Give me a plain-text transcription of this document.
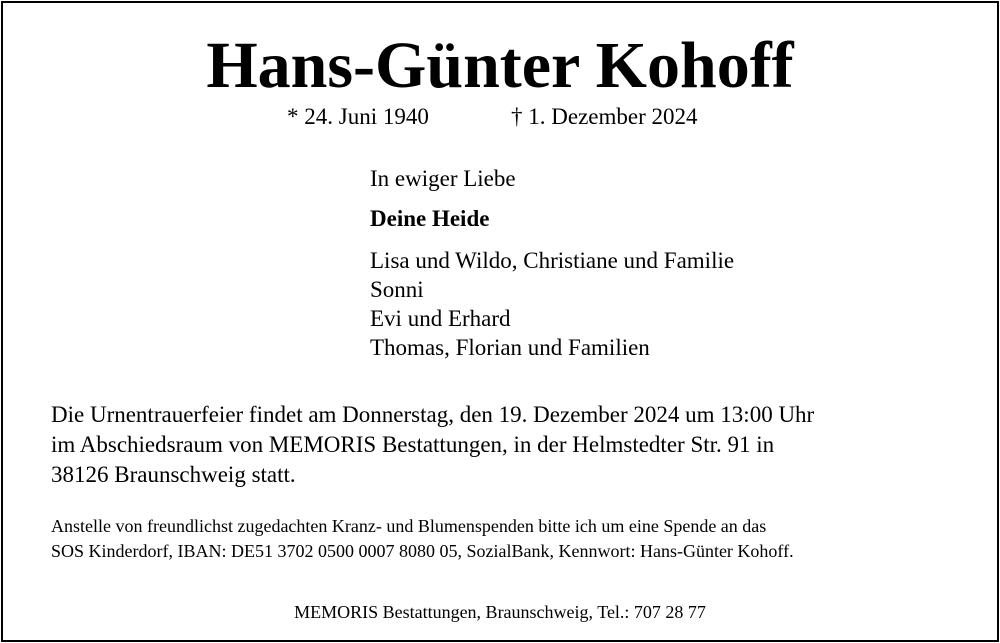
Hans-Günter Kohoff
* 24. Juni 1940	† 1. Dezember 2024
In ewiger Liebe
Deine Heide
Lisa und Wildo, Christiane und Familie
Sonni
Evi und Erhard
Thomas, Florian und Familien
Die Urnentrauerfeier findet am Donnerstag, den 19. Dezember 2024 um 13:00 Uhr
im Abschiedsraum von MEMORIS Bestattungen, in der Helmstedter Str. 91 in
38126 Braunschweig statt.
Anstelle von freundlichst zugedachten Kranz- und Blumenspenden bitte ich um eine Spende an das
SOS Kinderdorf, IBAN: DE51 3702 0500 0007 8080 05, SozialBank, Kennwort: Hans-Günter Kohoff.
MEMORIS Bestattungen, Braunschweig, Tel.: 707 28 77
